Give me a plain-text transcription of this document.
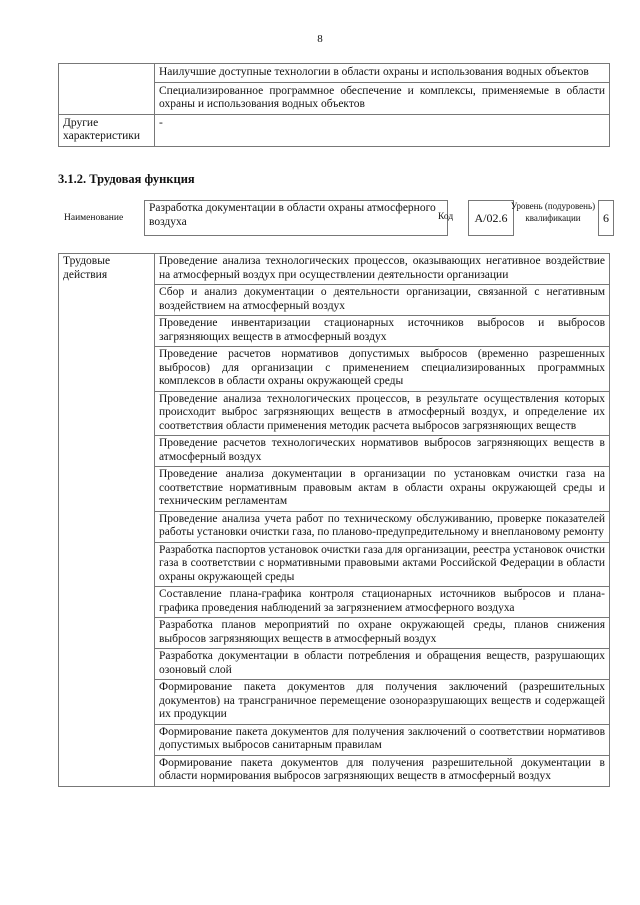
8
	Наилучшие доступные технологии в области охраны и использования водных объектов
	Специализированное программное обеспечение и комплексы, применяемые в области охраны и использования водных объектов
Другие характеристики	-
3.1.2. Трудовая функция
Наименование
Разработка документации в области охраны атмосферного воздуха	Код	A/02.6
Уровень (подуровень) квалификации	6
Трудовые действия	Проведение анализа технологических процессов, оказывающих негативное воздействие на атмосферный воздух при осуществлении деятельности организации
Сбор и анализ документации о деятельности организации, связанной с негативным воздействием на атмосферный воздух
Проведение инвентаризации стационарных источников выбросов и выбросов загрязняющих веществ в атмосферный воздух
Проведение расчетов нормативов допустимых выбросов (временно разрешенных выбросов) для организации с применением специализированных программных комплексов в области охраны окружающей среды
Проведение анализа технологических процессов, в результате осуществления которых происходит выброс загрязняющих веществ в атмосферный воздух, и определение их соответствия области применения методик расчета выбросов загрязняющих веществ
Проведение расчетов технологических нормативов выбросов загрязняющих веществ в атмосферный воздух
Проведение анализа документации в организации по установкам очистки газа на соответствие нормативным правовым актам в области охраны окружающей среды и техническим регламентам
Проведение анализа учета работ по техническому обслуживанию, проверке показателей работы установки очистки газа, по планово-предупредительному и внеплановому ремонту
Разработка паспортов установок очистки газа для организации, реестра установок очистки газа в соответствии с нормативными правовыми актами Российской Федерации в области охраны окружающей среды
Составление плана-графика контроля стационарных источников выбросов и плана-графика проведения наблюдений за загрязнением атмосферного воздуха
Разработка планов мероприятий по охране окружающей среды, планов снижения выбросов загрязняющих веществ в атмосферный воздух
Разработка документации в области потребления и обращения веществ, разрушающих озоновый слой
Формирование пакета документов для получения заключений (разрешительных документов) на трансграничное перемещение озоноразрушающих веществ и содержащей их продукции
Формирование пакета документов для получения заключений о соответствии нормативов допустимых выбросов санитарным правилам
Формирование пакета документов для получения разрешительной документации в области нормирования выбросов загрязняющих веществ в атмосферный воздух
